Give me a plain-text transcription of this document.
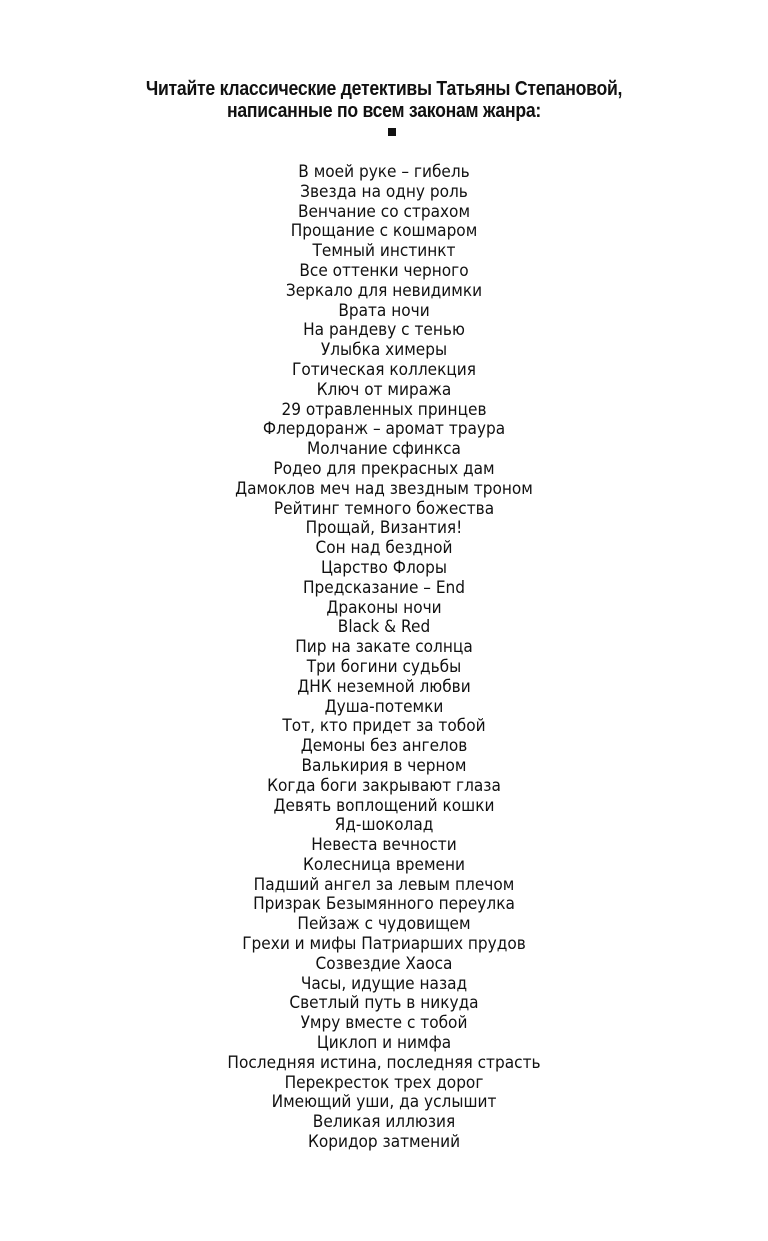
Читайте классические детективы Татьяны Степановой,
написанные по всем законам жанра:
В моей руке – гибель
Звезда на одну роль
Венчание со страхом
Прощание с кошмаром
Темный инстинкт
Все оттенки черного
Зеркало для невидимки
Врата ночи
На рандеву с тенью
Улыбка химеры
Готическая коллекция
Ключ от миража
29 отравленных принцев
Флердоранж – аромат траура
Молчание сфинкса
Родео для прекрасных дам
Дамоклов меч над звездным троном
Рейтинг темного божества
Прощай, Византия!
Сон над бездной
Царство Флоры
Предсказание – End
Драконы ночи
Black & Red
Пир на закате солнца
Три богини судьбы
ДНК неземной любви
Душа-потемки
Тот, кто придет за тобой
Демоны без ангелов
Валькирия в черном
Когда боги закрывают глаза
Девять воплощений кошки
Яд-шоколад
Невеста вечности
Колесница времени
Падший ангел за левым плечом
Призрак Безымянного переулка
Пейзаж с чудовищем
Грехи и мифы Патриарших прудов
Созвездие Хаоса
Часы, идущие назад
Светлый путь в никуда
Умру вместе с тобой
Циклоп и нимфа
Последняя истина, последняя страсть
Перекресток трех дорог
Имеющий уши, да услышит
Великая иллюзия
Коридор затмений
